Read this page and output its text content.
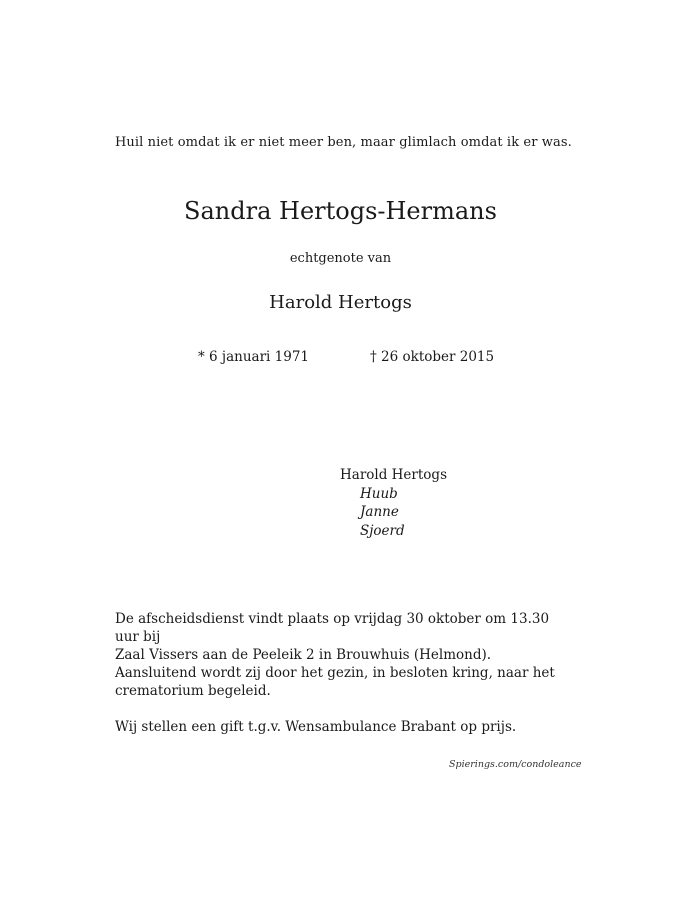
Huil niet omdat ik er niet meer ben, maar glimlach omdat ik er was.
Sandra Hertogs-Hermans
echtgenote van
Harold Hertogs
* 6 januari 1971	† 26 oktober 2015
Harold Hertogs
Huub
Janne
Sjoerd

De afscheidsdienst vindt plaats op vrijdag 30 oktober om 13.30 uur bij

Zaal Vissers aan de Peeleik 2 in Brouwhuis (Helmond).

Aansluitend wordt zij door het gezin, in besloten kring, naar het

crematorium begeleid.

Wij stellen een gift t.g.v. Wensambulance Brabant op prijs.

Spierings.com/condoleance
